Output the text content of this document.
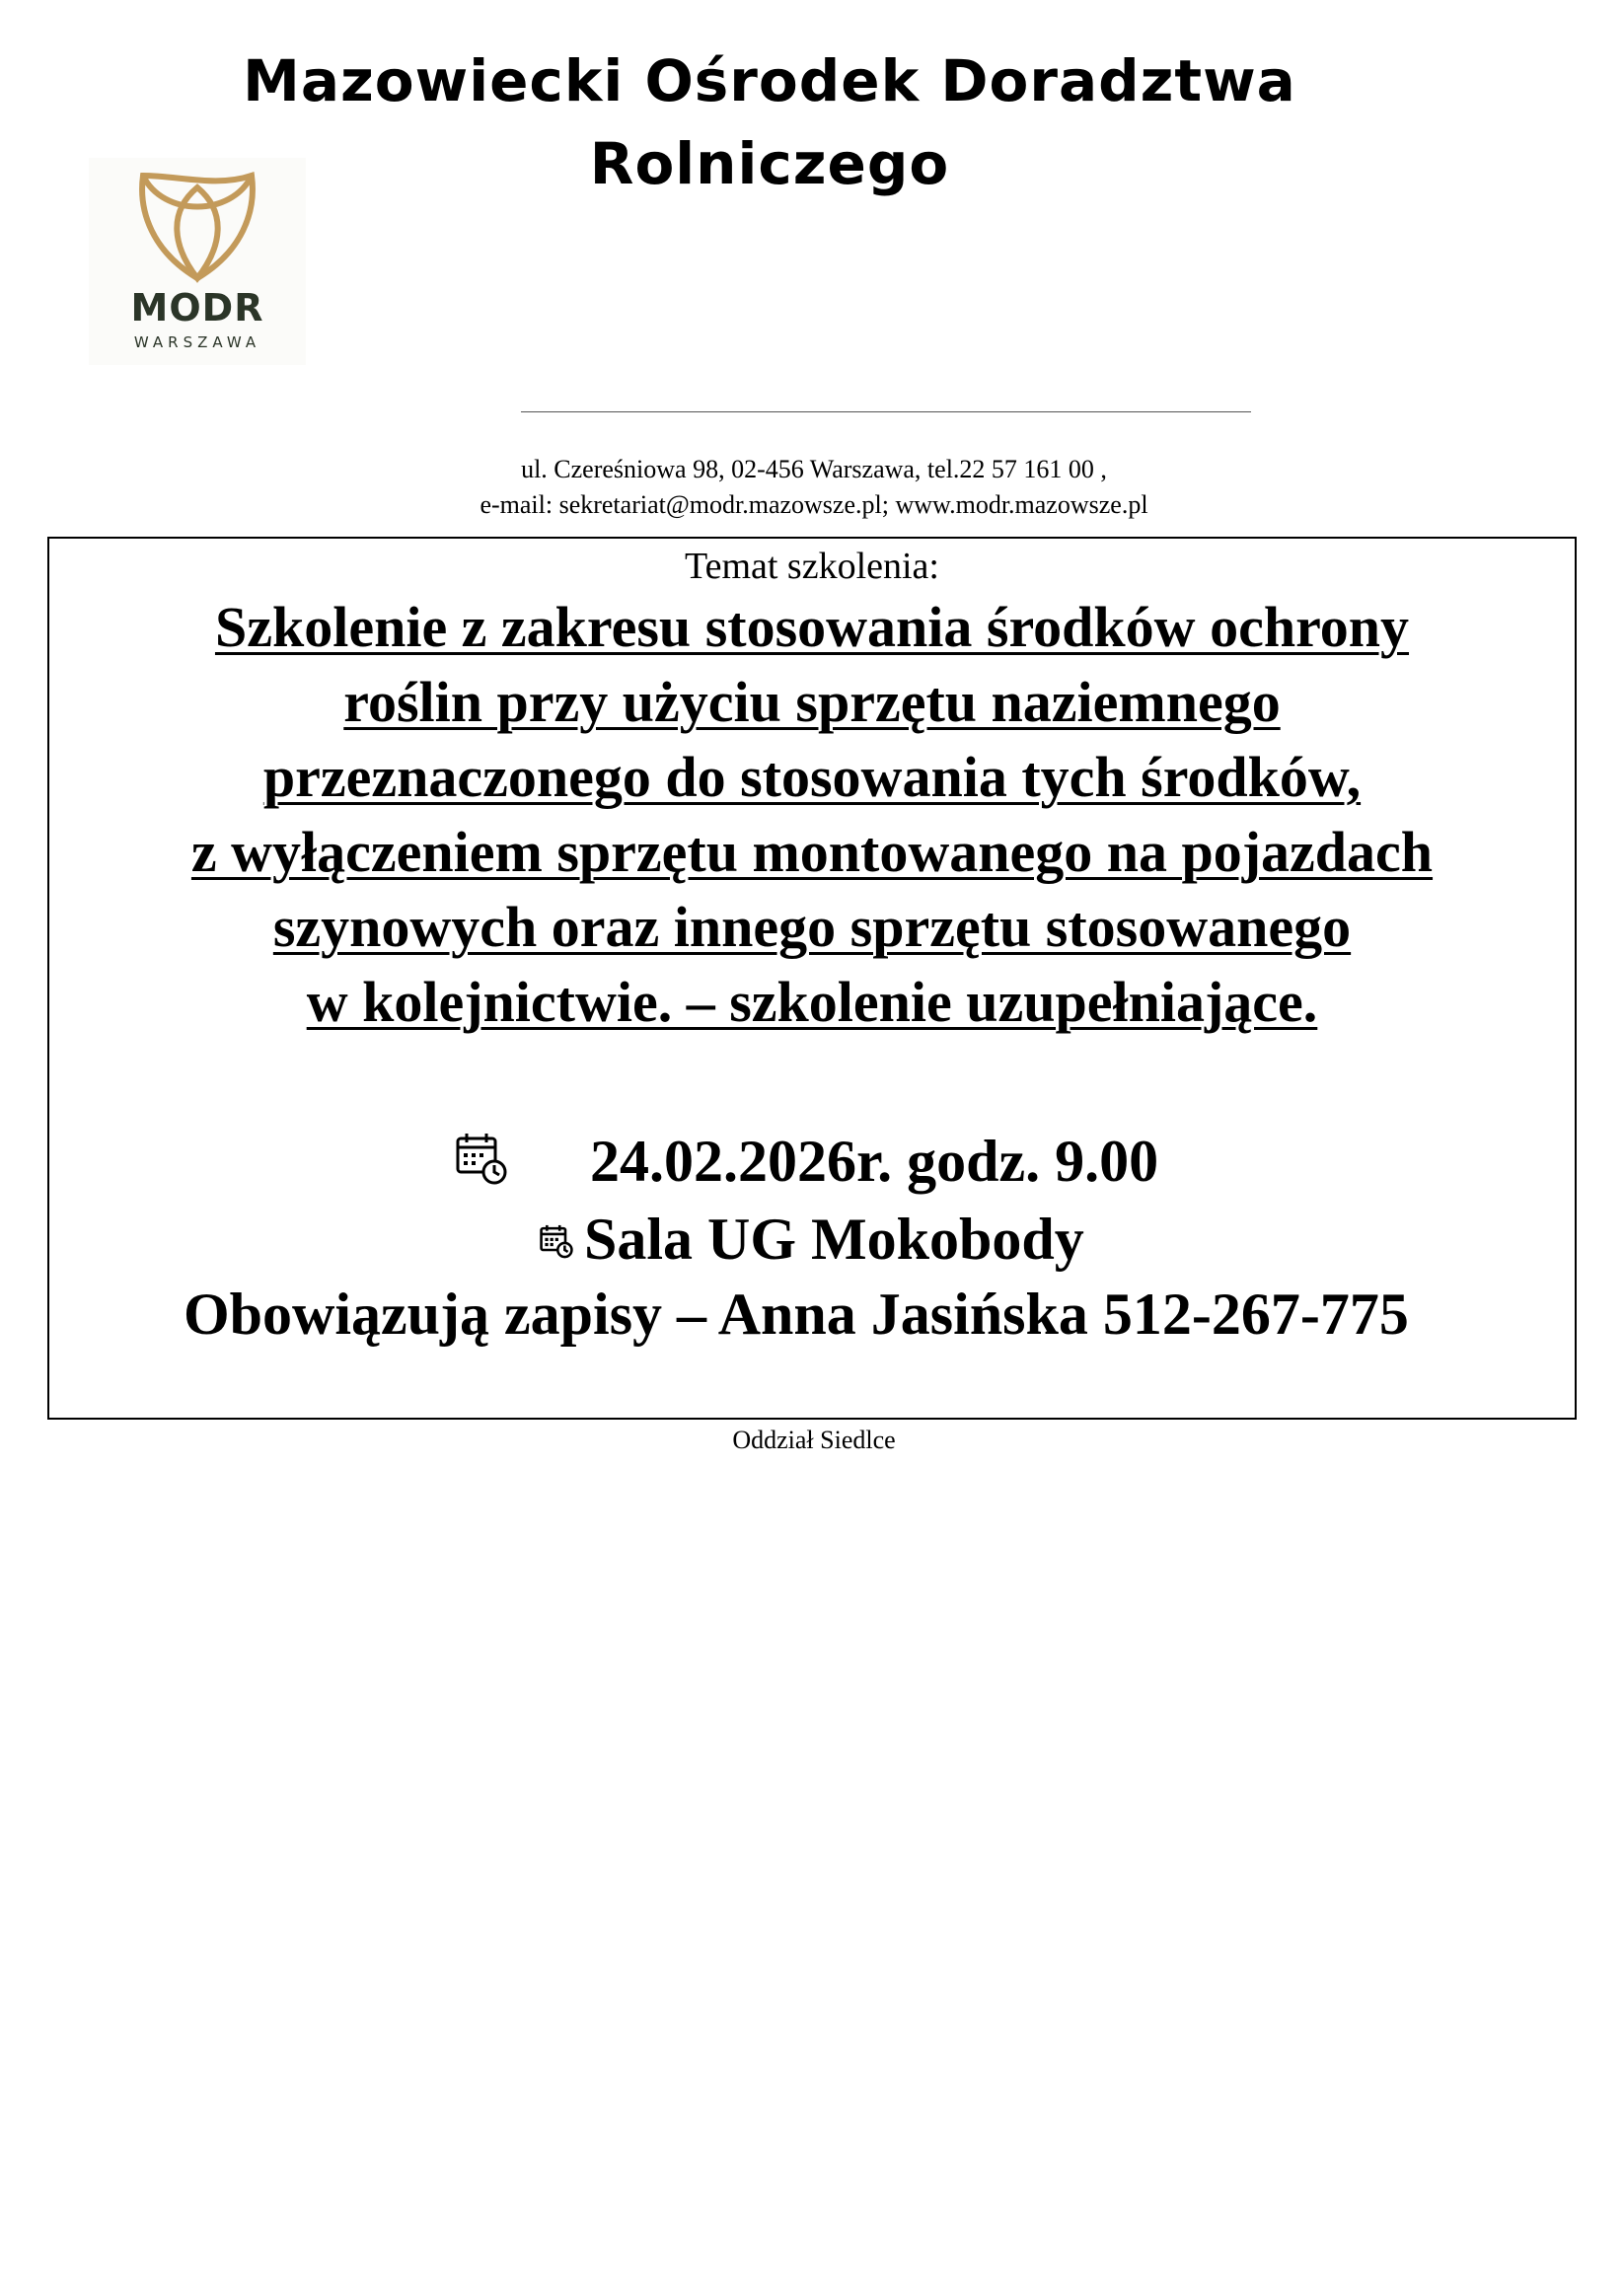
Mazowiecki Ośrodek Doradztwa
Rolniczego
MODR
WARSZAWA
ul. Czereśniowa 98, 02-456 Warszawa, tel.22 57 161 00 ,
e-mail: sekretariat@modr.mazowsze.pl; www.modr.mazowsze.pl
Temat szkolenia:
Szkolenie z zakresu stosowania środków ochrony
roślin przy użyciu sprzętu naziemnego
przeznaczonego do stosowania tych środków,
z wyłączeniem sprzętu montowanego na pojazdach
szynowych oraz innego sprzętu stosowanego
w kolejnictwie. – szkolenie uzupełniające.
24.02.2026r. godz. 9.00
Sala UG Mokobody
Obowiązują zapisy – Anna Jasińska 512-267-775
Oddział Siedlce
